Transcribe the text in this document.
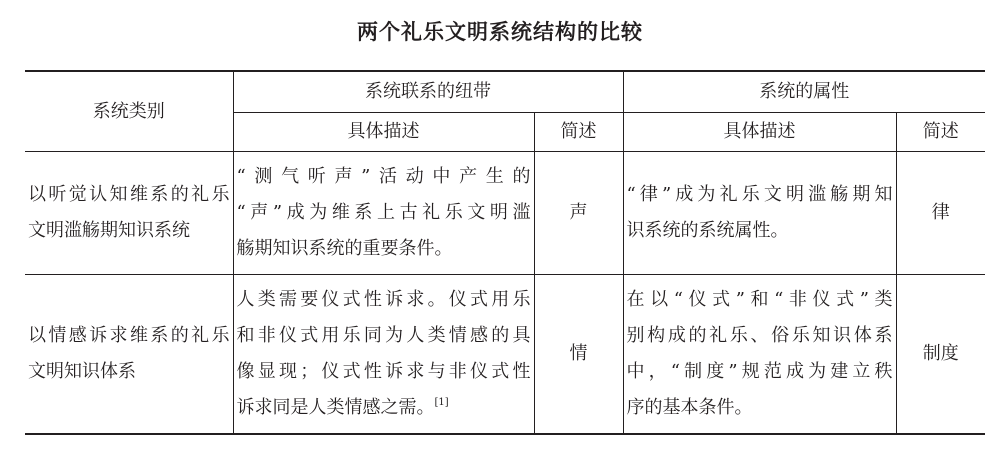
两个礼乐文明系统结构的比较
系统类别	系统联系的纽带		系统的属性	
	具体描述	简述	具体描述	简述

以听觉认知维系的礼乐
文明滥觞期知识系统	“测气听声”活动中产生的
“声”成为维系上古礼乐文明滥
觞期知识系统的重要条件。	声	“律”成为礼乐文明滥觞期知
识系统的系统属性。	律

以情感诉求维系的礼乐
文明知识体系	人类需要仪式性诉求。仪式用乐
和非仪式用乐同为人类情感的具
像显现；仪式性诉求与非仪式性
诉求同是人类情感之需。[1]	情	在以“仪式”和“非仪式”类
别构成的礼乐、俗乐知识体系
中，“制度”规范成为建立秩
序的基本条件。	制度
